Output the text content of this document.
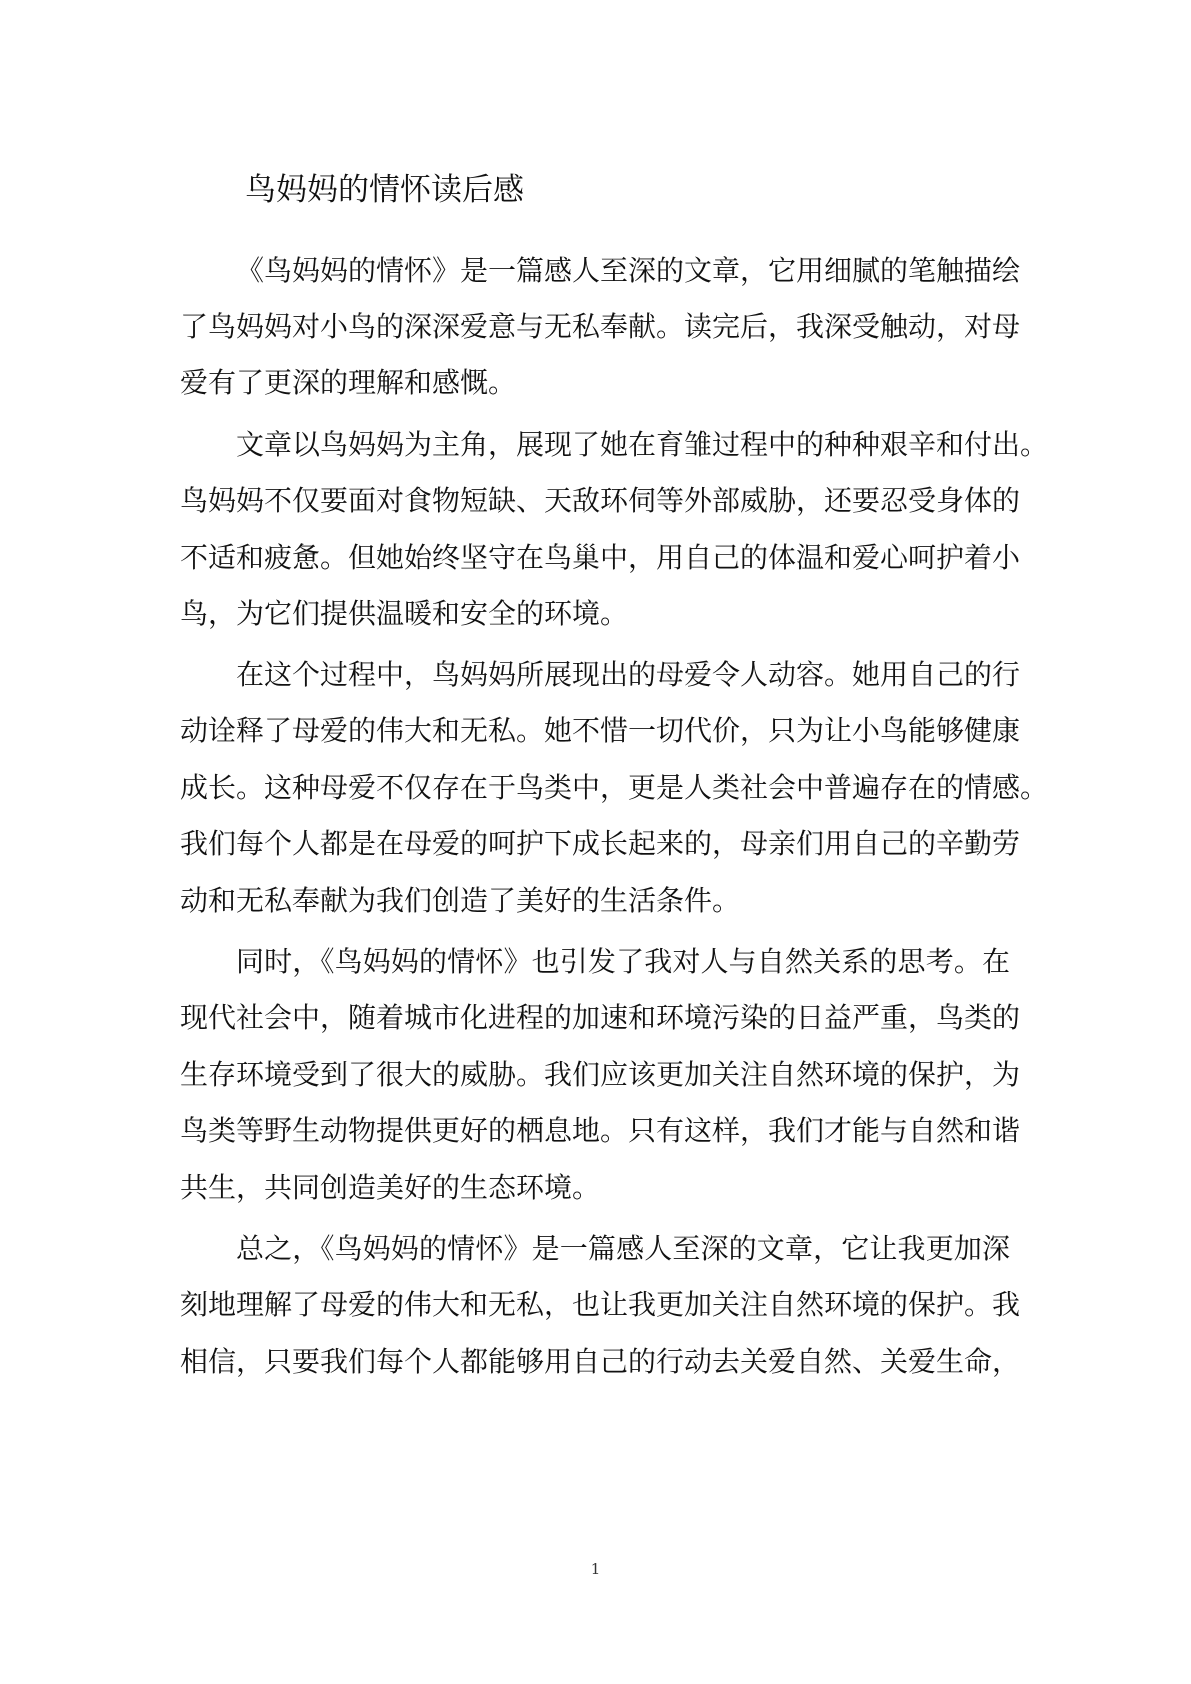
鸟妈妈的情怀读后感
《鸟妈妈的情怀》是一篇感人至深的文章，它用细腻的笔触描绘
了鸟妈妈对小鸟的深深爱意与无私奉献。读完后，我深受触动，对母
爱有了更深的理解和感慨。
文章以鸟妈妈为主角，展现了她在育雏过程中的种种艰辛和付出。
鸟妈妈不仅要面对食物短缺、天敌环伺等外部威胁，还要忍受身体的
不适和疲惫。但她始终坚守在鸟巢中，用自己的体温和爱心呵护着小
鸟，为它们提供温暖和安全的环境。
在这个过程中，鸟妈妈所展现出的母爱令人动容。她用自己的行
动诠释了母爱的伟大和无私。她不惜一切代价，只为让小鸟能够健康
成长。这种母爱不仅存在于鸟类中，更是人类社会中普遍存在的情感。
我们每个人都是在母爱的呵护下成长起来的，母亲们用自己的辛勤劳
动和无私奉献为我们创造了美好的生活条件。
同时，《鸟妈妈的情怀》也引发了我对人与自然关系的思考。在
现代社会中，随着城市化进程的加速和环境污染的日益严重，鸟类的
生存环境受到了很大的威胁。我们应该更加关注自然环境的保护，为
鸟类等野生动物提供更好的栖息地。只有这样，我们才能与自然和谐
共生，共同创造美好的生态环境。
总之，《鸟妈妈的情怀》是一篇感人至深的文章，它让我更加深
刻地理解了母爱的伟大和无私，也让我更加关注自然环境的保护。我
相信，只要我们每个人都能够用自己的行动去关爱自然、关爱生命，
1
